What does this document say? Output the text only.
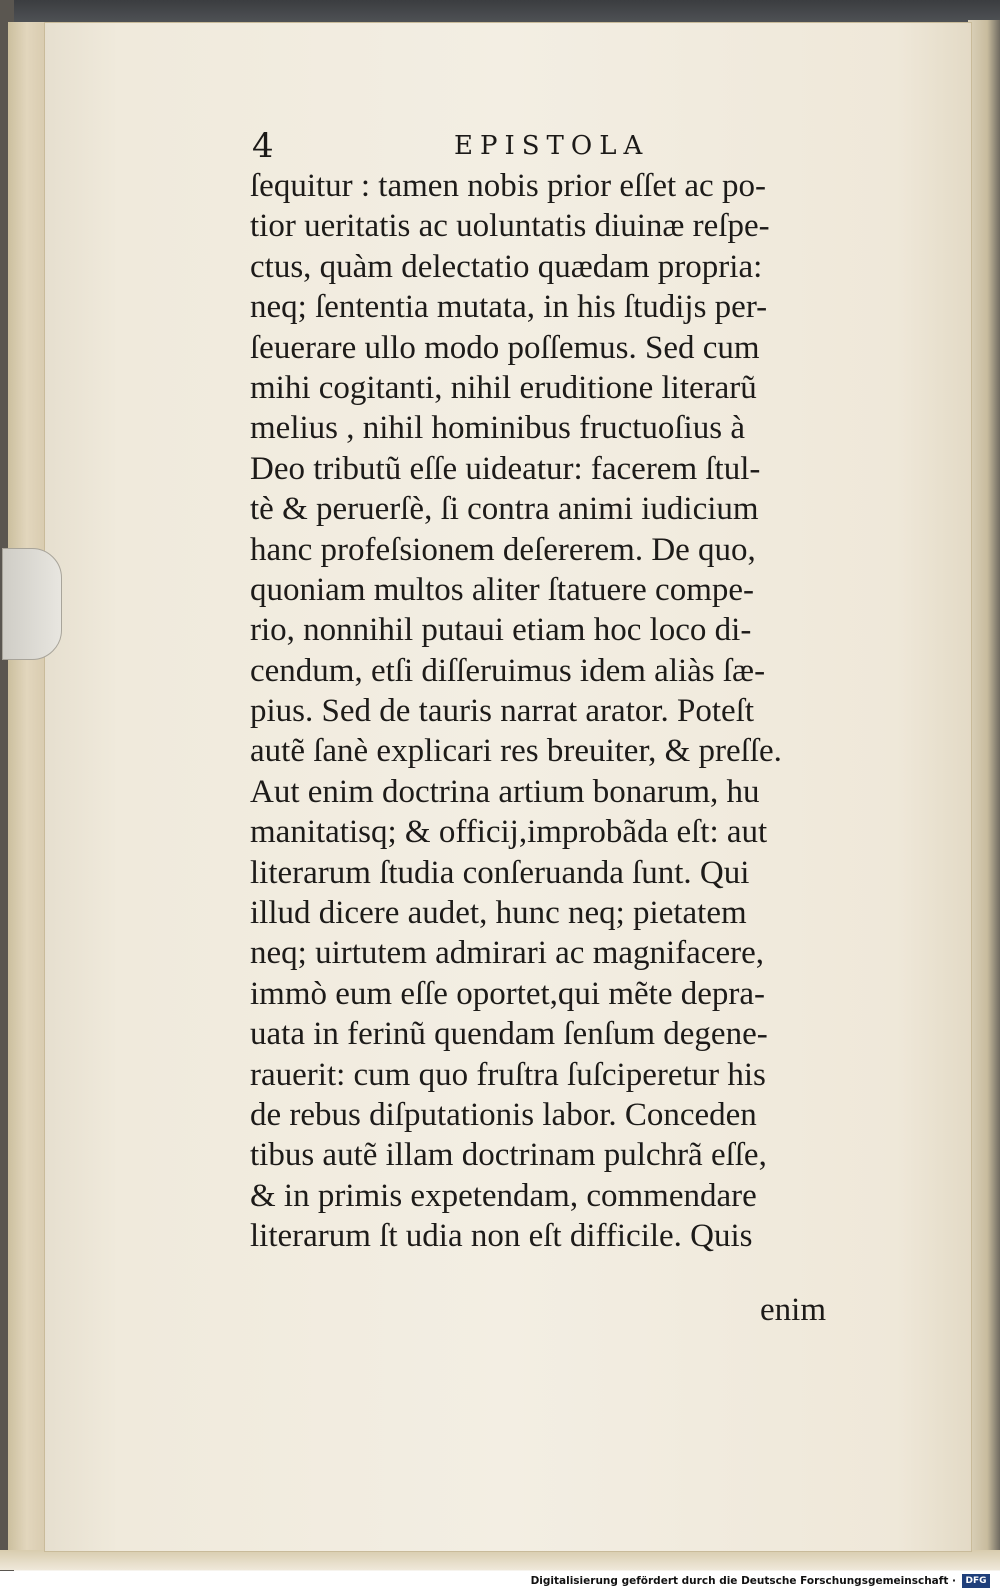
4	EPISTOLA
ſequitur : tamen nobis prior eſſet ac po-
tior ueritatis ac uoluntatis diuinæ reſpe-
ctus, quàm delectatio quædam propria:
neq; ſententia mutata, in his ſtudijs per-
ſeuerare ullo modo poſſemus. Sed cum
mihi cogitanti, nihil eruditione literarũ
melius , nihil hominibus fructuoſius à
Deo tributũ eſſe uideatur: facerem ſtul-
tè & peruerſè, ſi contra animi iudicium
hanc profeſsionem deſererem. De quo,
quoniam multos aliter ſtatuere compe-
rio, nonnihil putaui etiam hoc loco di-
cendum, etſi diſſeruimus idem aliàs ſæ-
pius. Sed de tauris narrat arator. Poteſt
autẽ ſanè explicari res breuiter, & preſſe.
Aut enim doctrina artium bonarum, hu
manitatisq; & officij,improbãda eſt: aut
literarum ſtudia conſeruanda ſunt. Qui
illud dicere audet, hunc neq; pietatem
neq; uirtutem admirari ac magnifacere,
immò eum eſſe oportet,qui mẽte depra-
uata in ferinũ quendam ſenſum degene-
rauerit: cum quo fruſtra ſuſciperetur his
de rebus diſputationis labor. Conceden
tibus autẽ illam doctrinam pulchrã eſſe,
& in primis expetendam, commendare
literarum ſt udia non eſt difficile. Quis
enim
Digitalisierung gefördert durch die Deutsche Forschungsgemeinschaft ·	DFG
